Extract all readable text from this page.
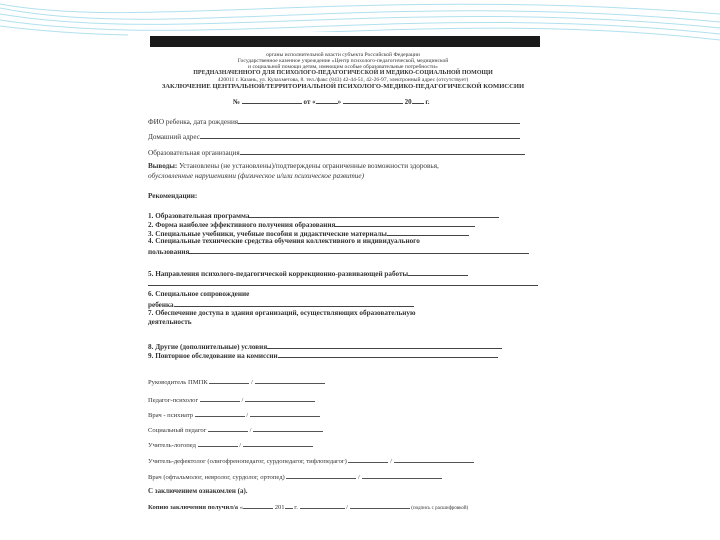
органы исполнительной власти субъекта Российской Федерации
Государственное казенное учреждение «Центр психолого-педагогической, медицинской
и социальной помощи детям, имеющим особые образовательные потребности»
ПРЕДНАЗНАЧЕННОГО ДЛЯ ПСИХОЛОГО-ПЕДАГОГИЧЕСКОЙ И МЕДИКО-СОЦИАЛЬНОЙ ПОМОЩИ
420011 г. Казань, ул. Кулахметова, 8. тел./факс (843) 42-44-51, 42-26-97, электронный адрес (отсутствует)
ЗАКЛЮЧЕНИЕ ЦЕНТРАЛЬНОЙ/ТЕРРИТОРИАЛЬНОЙ ПСИХОЛОГО-МЕДИКО-ПЕДАГОГИЧЕСКОЙ КОМИССИИ
№	от «	»	20 г.
ФИО ребенка, дата рождения
Домашний адрес
Образовательная организация
Выводы: Установлены (не установлены)/подтверждены ограниченные возможности здоровья,
обусловленные нарушениями (физическое и/или психическое развитие)
Рекомендации:
1. Образовательная программа
2. Форма наиболее эффективного получения образования
3. Специальные учебники, учебные пособия и дидактические материалы
4. Специальные технические средства обучения коллективного и индивидуального
пользования
5. Направления психолого-педагогической коррекционно-развивающей работы
6. Специальное сопровождение
ребенка
7. Обеспечение доступа в здания организаций, осуществляющих образовательную
деятельность
8. Другие (дополнительные) условия
9. Повторное обследование на комиссии
Руководитель ПМПК	/
Педагог-психолог	/
Врач - психиатр	/
Социальный педагог	/
Учитель-логопед	/
Учитель-дефектолог (олигофренопедагог, сурдопедагог, тифлопедагог)	/
Врач (офтальмолог, невролог, сурдолог, ортопед)	/
С заключением ознакомлен (а).
Копию заключения получил/а «	201 г.	/	(подпись с расшифровкой)
